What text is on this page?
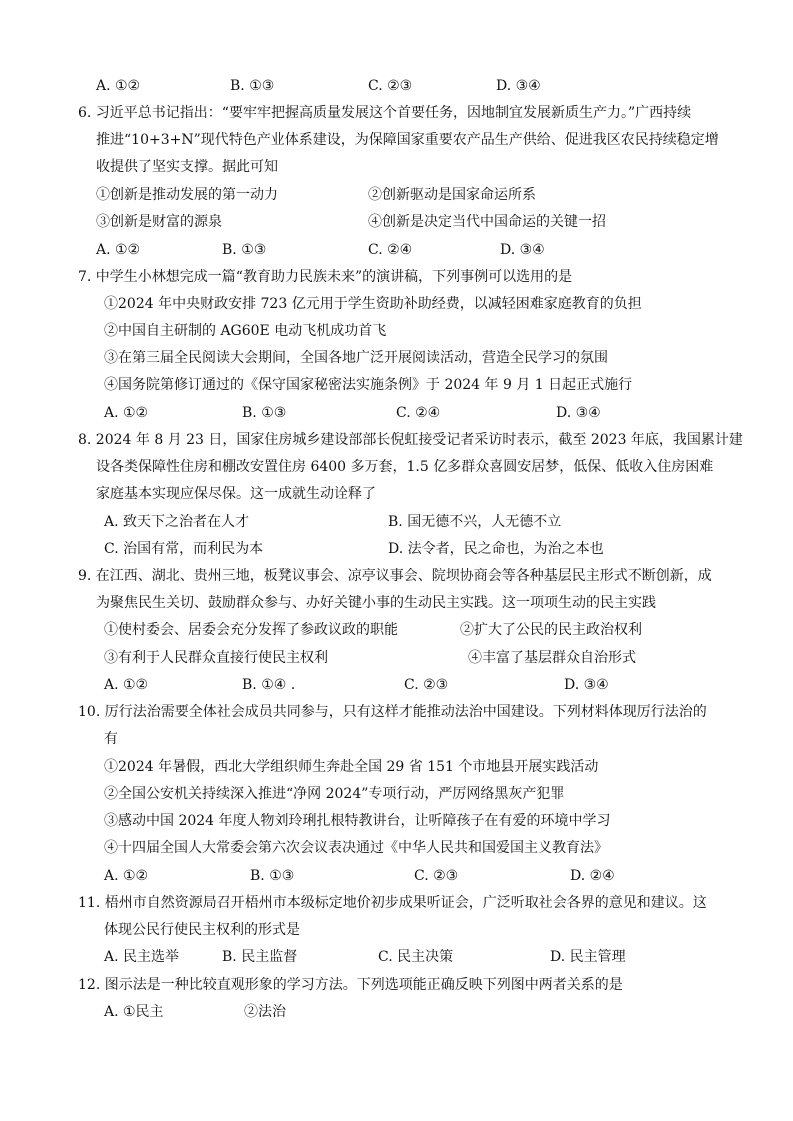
A. ①②	B. ①③	C. ②③	D. ③④
6. 习近平总书记指出：“要牢牢把握高质量发展这个首要任务，因地制宜发展新质生产力。”广西持续
推进“10+3+N”现代特色产业体系建设，为保障国家重要农产品生产供给、促进我区农民持续稳定增
收提供了坚实支撑。据此可知
①创新是推动发展的第一动力	②创新驱动是国家命运所系
③创新是财富的源泉	④创新是决定当代中国命运的关键一招
A. ①②	B. ①③	C. ②④	D. ③④
7. 中学生小林想完成一篇“教育助力民族未来”的演讲稿，下列事例可以选用的是
①2024 年中央财政安排 723 亿元用于学生资助补助经费，以减轻困难家庭教育的负担
②中国自主研制的 AG60E 电动飞机成功首飞
③在第三届全民阅读大会期间，全国各地广泛开展阅读活动，营造全民学习的氛围
④国务院第修订通过的《保守国家秘密法实施条例》于 2024 年 9 月 1 日起正式施行
A. ①②	B. ①③	C. ②④	D. ③④
8. 2024 年 8 月 23 日，国家住房城乡建设部部长倪虹接受记者采访时表示，截至 2023 年底，我国累计建
设各类保障性住房和棚改安置住房 6400 多万套，1.5 亿多群众喜圆安居梦，低保、低收入住房困难
家庭基本实现应保尽保。这一成就生动诠释了
A. 致天下之治者在人才	B. 国无德不兴，人无德不立
C. 治国有常，而利民为本	D. 法令者，民之命也，为治之本也
9. 在江西、湖北、贵州三地，板凳议事会、凉亭议事会、院坝协商会等各种基层民主形式不断创新，成
为聚焦民生关切、鼓励群众参与、办好关键小事的生动民主实践。这一项项生动的民主实践
①使村委会、居委会充分发挥了参政议政的职能	②扩大了公民的民主政治权利
③有利于人民群众直接行使民主权利	④丰富了基层群众自治形式
A. ①②	B. ①④ .	C. ②③	D. ③④
10. 厉行法治需要全体社会成员共同参与，只有这样才能推动法治中国建设。下列材料体现厉行法治的
有
①2024 年暑假，西北大学组织师生奔赴全国 29 省 151 个市地县开展实践活动
②全国公安机关持续深入推进“净网 2024”专项行动，严厉网络黑灰产犯罪
③感动中国 2024 年度人物刘玲琍扎根特教讲台，让听障孩子在有爱的环境中学习
④十四届全国人大常委会第六次会议表决通过《中华人民共和国爱国主义教育法》
A. ①②	B. ①③	C. ②③	D. ②④
11. 梧州市自然资源局召开梧州市本级标定地价初步成果听证会，广泛听取社会各界的意见和建议。这
体现公民行使民主权利的形式是
A. 民主选举	B. 民主监督	C. 民主决策	D. 民主管理
12. 图示法是一种比较直观形象的学习方法。下列选项能正确反映下列图中两者关系的是
A. ①民主	②法治
